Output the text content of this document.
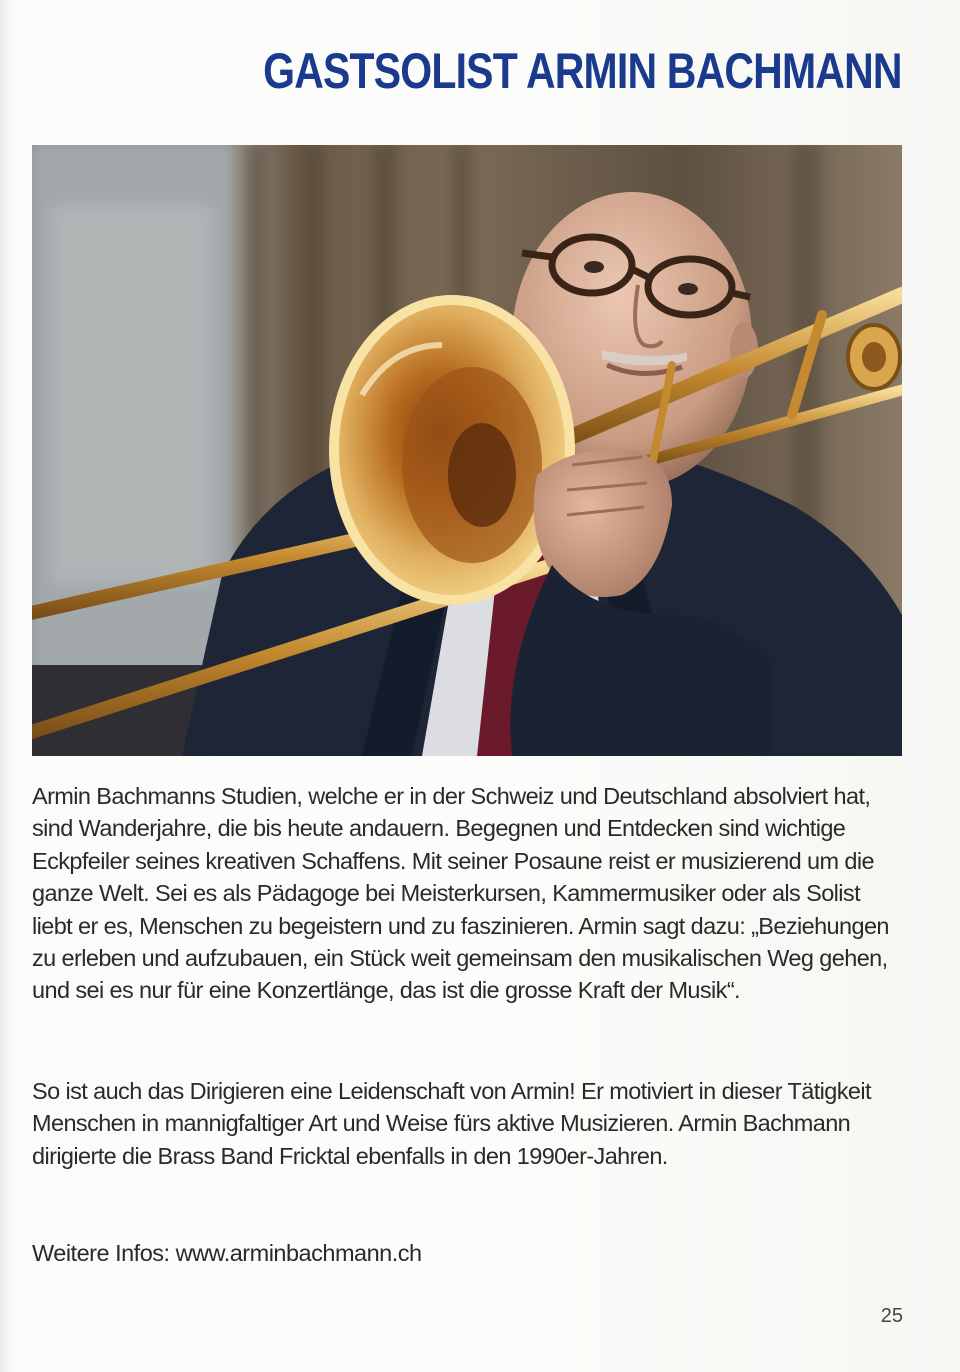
GASTSOLIST ARMIN BACHMANN

Armin Bachmanns Studien, welche er in der Schweiz und Deutschland absolviert hat, sind Wanderjahre, die bis heute andauern. Begegnen und Entdecken sind wichtige Eckpfeiler seines kreativen Schaffens. Mit seiner Posaune reist er musizierend um die ganze Welt. Sei es als Pädagoge bei Meisterkursen, Kammermusiker oder als Solist liebt er es, Menschen zu begeistern und zu faszinieren. Armin sagt dazu: „Beziehungen zu erleben und aufzubauen, ein Stück weit gemeinsam den musikalischen Weg gehen, und sei es nur für eine Konzertlänge, das ist die grosse Kraft der Musik“.

So ist auch das Dirigieren eine Leidenschaft von Armin! Er motiviert in dieser Tätigkeit Menschen in mannigfaltiger Art und Weise fürs aktive Musizieren. Armin Bachmann dirigierte die Brass Band Fricktal ebenfalls in den 1990er-Jahren.

Weitere Infos: www.arminbachmann.ch

25
